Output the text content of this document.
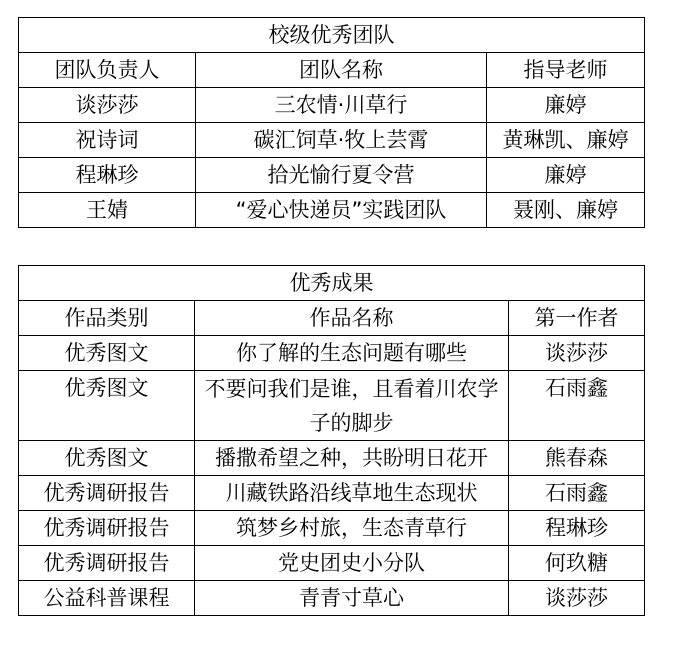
校级优秀团队		
团队负责人	团队名称	指导老师
谈莎莎	三农情·川草行	廉婷
祝诗词	碳汇饲草·牧上芸霄	黄琳凯、廉婷
程琳珍	拾光愉行夏令营	廉婷
王婧	“爱心快递员”实践团队	聂刚、廉婷
优秀成果		
作品类别	作品名称	第一作者
优秀图文	你了解的生态问题有哪些	谈莎莎
优秀图文	不要问我们是谁，且看着川农学子的脚步	石雨鑫
优秀图文	播撒希望之种，共盼明日花开	熊春森
优秀调研报告	川藏铁路沿线草地生态现状	石雨鑫
优秀调研报告	筑梦乡村旅，生态青草行	程琳珍
优秀调研报告	党史团史小分队	何玖糖
公益科普课程	青青寸草心	谈莎莎
